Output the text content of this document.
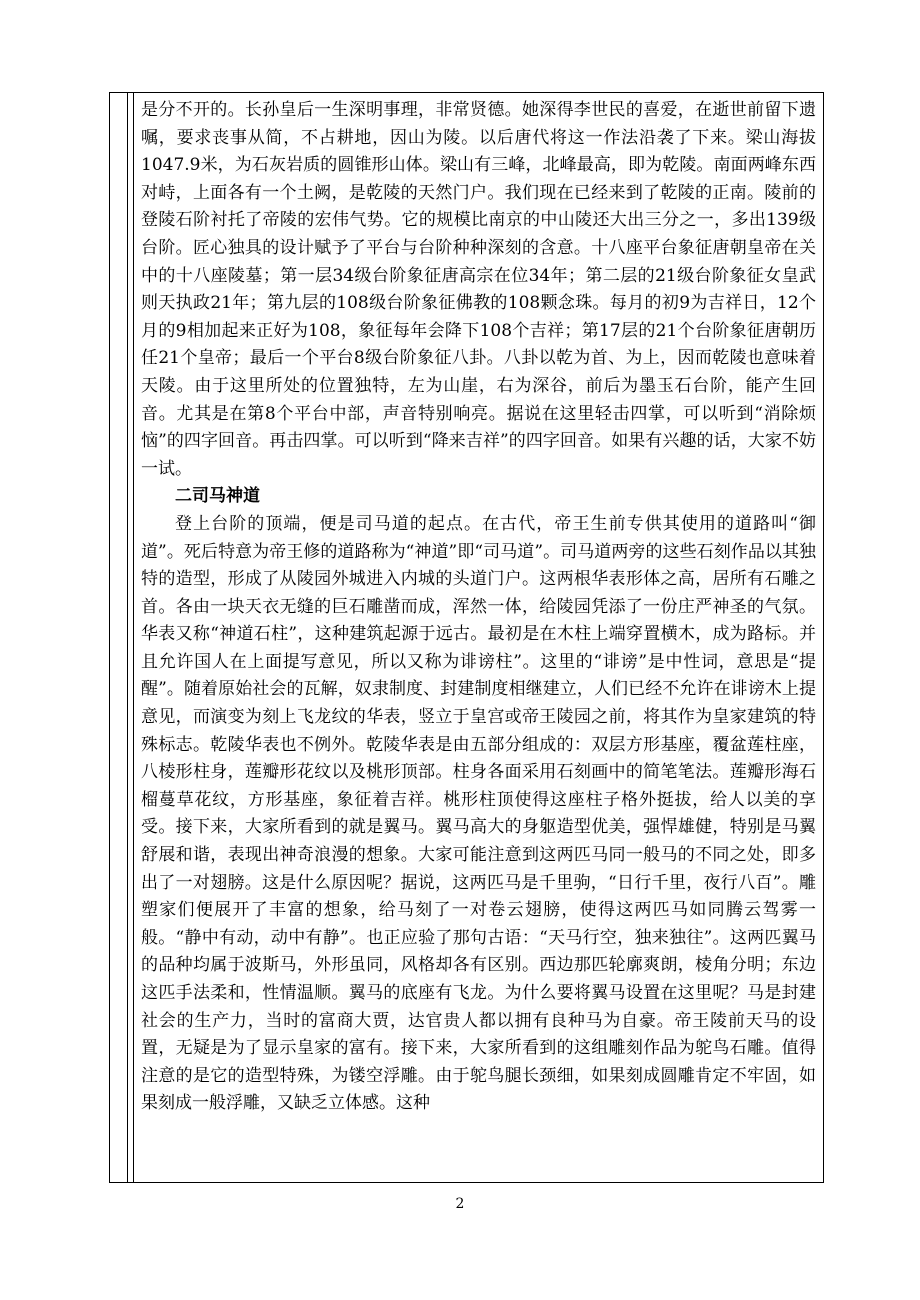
是分不开的。长孙皇后一生深明事理，非常贤德。她深得李世民的喜爱，在逝世前留下遗嘱，要求丧事从简，不占耕地，因山为陵。以后唐代将这一作法沿袭了下来。梁山海拔1047.9米，为石灰岩质的圆锥形山体。梁山有三峰，北峰最高，即为乾陵。南面两峰东西对峙，上面各有一个土阙，是乾陵的天然门户。我们现在已经来到了乾陵的正南。陵前的登陵石阶衬托了帝陵的宏伟气势。它的规模比南京的中山陵还大出三分之一，多出139级台阶。匠心独具的设计赋予了平台与台阶种种深刻的含意。十八座平台象征唐朝皇帝在关中的十八座陵墓；第一层34级台阶象征唐高宗在位34年；第二层的21级台阶象征女皇武则天执政21年；第九层的108级台阶象征佛教的108颗念珠。每月的初9为吉祥日，12个月的9相加起来正好为108，象征每年会降下108个吉祥；第17层的21个台阶象征唐朝历任21个皇帝；最后一个平台8级台阶象征八卦。八卦以乾为首、为上，因而乾陵也意味着天陵。由于这里所处的位置独特，左为山崖，右为深谷，前后为墨玉石台阶，能产生回音。尤其是在第8个平台中部，声音特别响亮。据说在这里轻击四掌，可以听到“消除烦恼”的四字回音。再击四掌。可以听到“降来吉祥”的四字回音。如果有兴趣的话，大家不妨一试。

二司马神道

登上台阶的顶端，便是司马道的起点。在古代，帝王生前专供其使用的道路叫“御道”。死后特意为帝王修的道路称为“神道”即“司马道”。司马道两旁的这些石刻作品以其独特的造型，形成了从陵园外城进入内城的头道门户。这两根华表形体之高，居所有石雕之首。各由一块天衣无缝的巨石雕凿而成，浑然一体，给陵园凭添了一份庄严神圣的气氛。华表又称“神道石柱”，这种建筑起源于远古。最初是在木柱上端穿置横木，成为路标。并且允许国人在上面提写意见，所以又称为诽谤柱”。这里的“诽谤”是中性词，意思是“提醒”。随着原始社会的瓦解，奴隶制度、封建制度相继建立，人们已经不允许在诽谤木上提意见，而演变为刻上飞龙纹的华表，竖立于皇宫或帝王陵园之前，将其作为皇家建筑的特殊标志。乾陵华表也不例外。乾陵华表是由五部分组成的：双层方形基座，覆盆莲柱座，八棱形柱身，莲瓣形花纹以及桃形顶部。柱身各面采用石刻画中的简笔笔法。莲瓣形海石榴蔓草花纹，方形基座，象征着吉祥。桃形柱顶使得这座柱子格外挺拔，给人以美的享受。接下来，大家所看到的就是翼马。翼马高大的身躯造型优美，强悍雄健，特别是马翼舒展和谐，表现出神奇浪漫的想象。大家可能注意到这两匹马同一般马的不同之处，即多出了一对翅膀。这是什么原因呢？据说，这两匹马是千里驹，“日行千里，夜行八百”。雕塑家们便展开了丰富的想象，给马刻了一对卷云翅膀，使得这两匹马如同腾云驾雾一般。“静中有动，动中有静”。也正应验了那句古语：“天马行空，独来独往”。这两匹翼马的品种均属于波斯马，外形虽同，风格却各有区别。西边那匹轮廓爽朗，棱角分明；东边这匹手法柔和，性情温顺。翼马的底座有飞龙。为什么要将翼马设置在这里呢？马是封建社会的生产力，当时的富商大贾，达官贵人都以拥有良种马为自豪。帝王陵前天马的设置，无疑是为了显示皇家的富有。接下来，大家所看到的这组雕刻作品为鸵鸟石雕。值得注意的是它的造型特殊，为镂空浮雕。由于鸵鸟腿长颈细，如果刻成圆雕肯定不牢固，如果刻成一般浮雕，又缺乏立体感。这种

2
